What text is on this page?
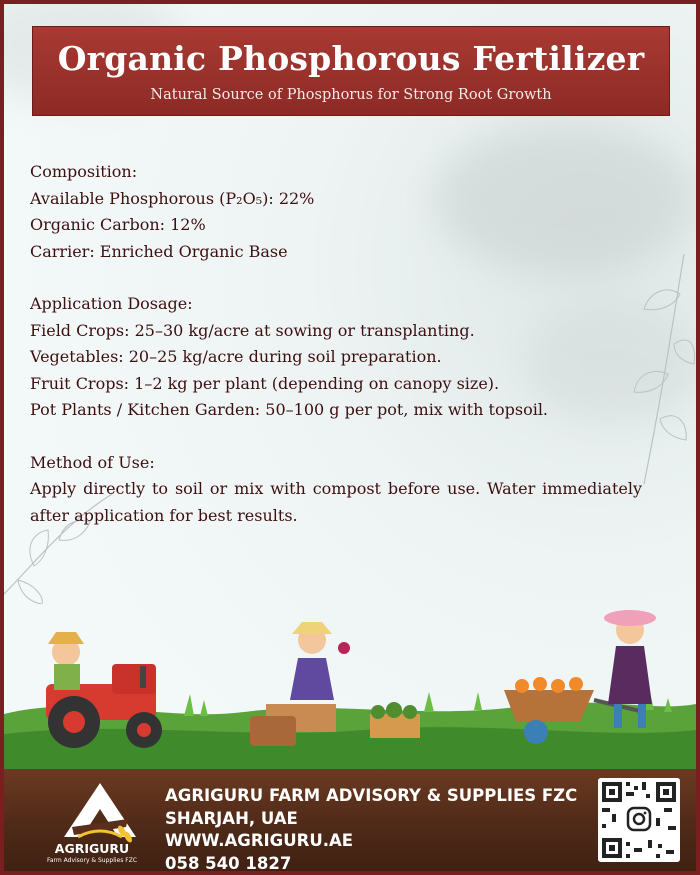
Organic Phosphorous Fertilizer
Natural Source of Phosphorus for Strong Root Growth
Composition:
Available Phosphorous (P₂O₅): 22%
Organic Carbon: 12%
Carrier: Enriched Organic Base
Application Dosage:
Field Crops: 25–30 kg/acre at sowing or transplanting.
Vegetables: 20–25 kg/acre during soil preparation.
Fruit Crops: 1–2 kg per plant (depending on canopy size).
Pot Plants / Kitchen Garden: 50–100 g per pot, mix with topsoil.
Method of Use:
Apply directly to soil or mix with compost before use. Water immediately after application for best results.
AGRIGURU
Farm Advisory & Supplies FZC
AGRIGURU FARM ADVISORY & SUPPLIES FZC
SHARJAH, UAE
WWW.AGRIGURU.AE
058 540 1827
